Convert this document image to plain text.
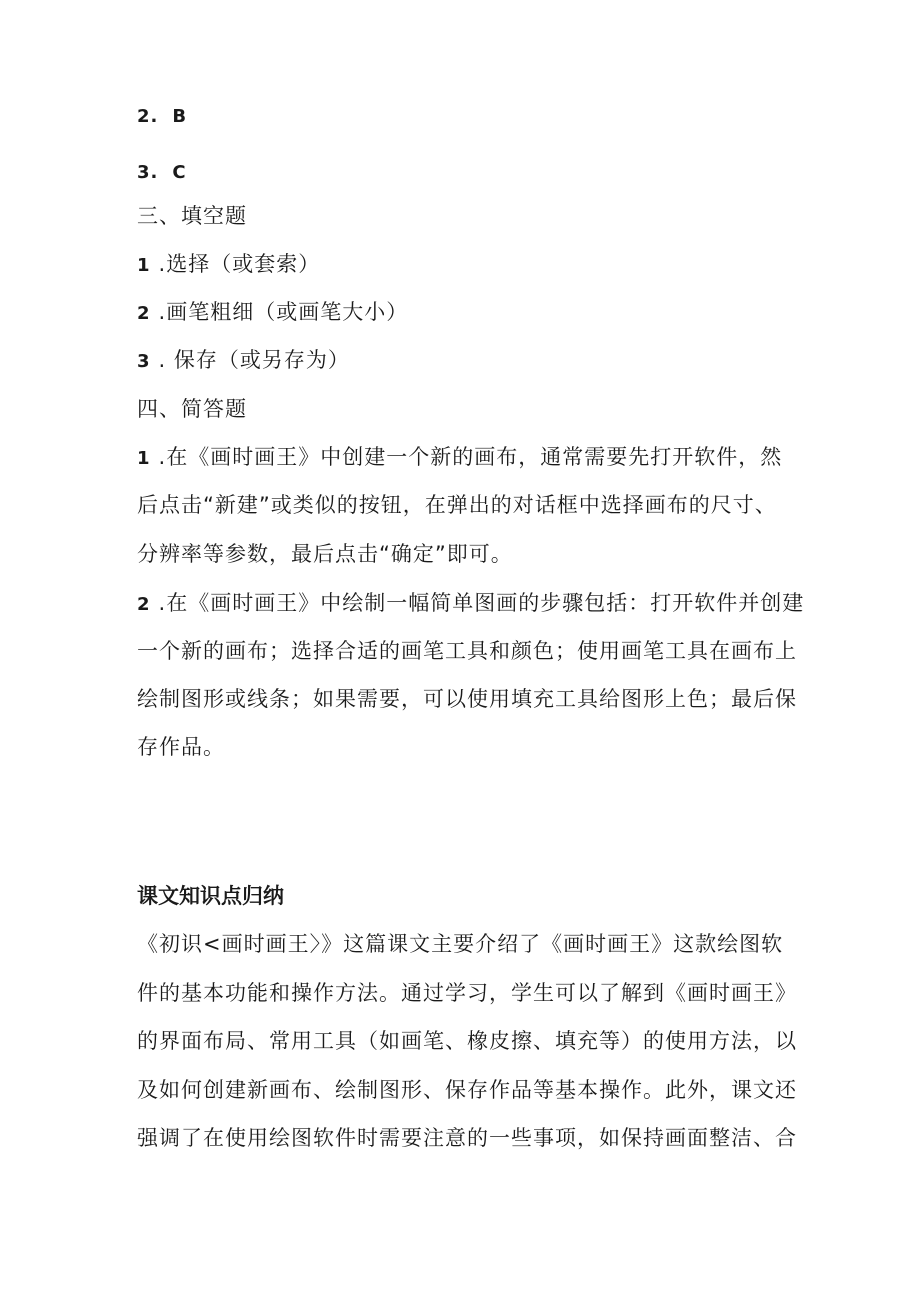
2. B
3. C
三、填空题
1 .选择（或套索）
2 .画笔粗细（或画笔大小）
3 . 保存（或另存为）
四、简答题
1 .在《画时画王》中创建一个新的画布，通常需要先打开软件，然
后点击“新建”或类似的按钮，在弹出的对话框中选择画布的尺寸、
分辨率等参数，最后点击“确定”即可。
2 .在《画时画王》中绘制一幅简单图画的步骤包括：打开软件并创建
一个新的画布；选择合适的画笔工具和颜色；使用画笔工具在画布上
绘制图形或线条；如果需要，可以使用填充工具给图形上色；最后保
存作品。
课文知识点归纳
《初识<画时画王〉》这篇课文主要介绍了《画时画王》这款绘图软
件的基本功能和操作方法。通过学习，学生可以了解到《画时画王》
的界面布局、常用工具（如画笔、橡皮擦、填充等）的使用方法，以
及如何创建新画布、绘制图形、保存作品等基本操作。此外，课文还
强调了在使用绘图软件时需要注意的一些事项，如保持画面整洁、合
